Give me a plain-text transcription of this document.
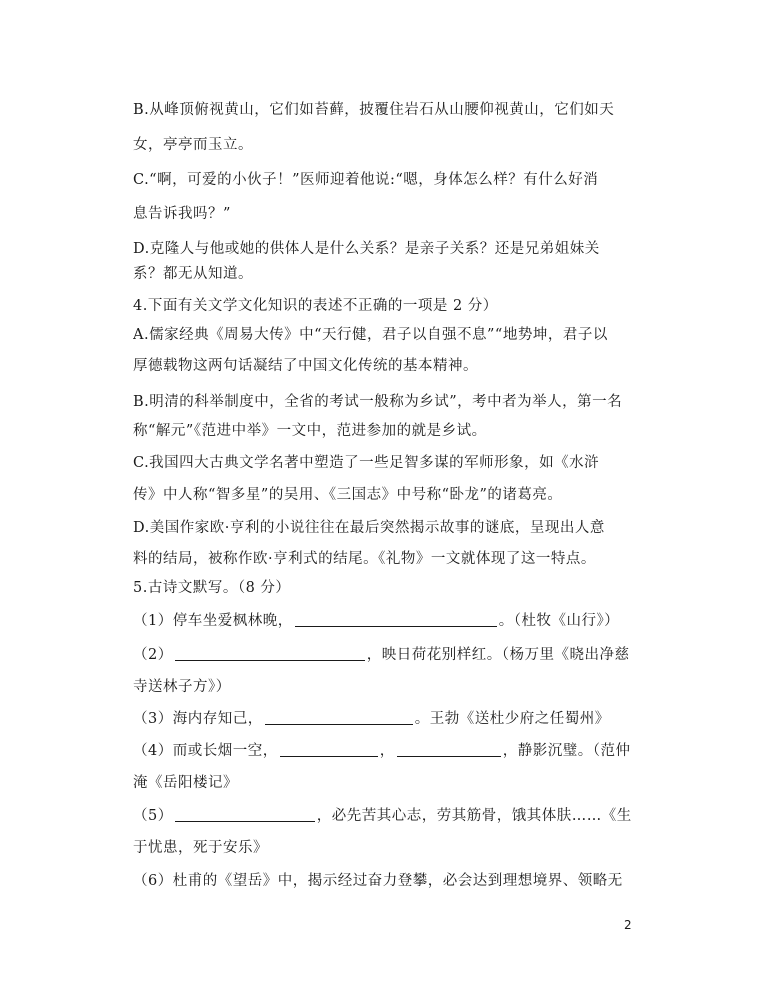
B.从峰顶俯视黄山，它们如苔藓，披覆住岩石从山腰仰视黄山，它们如天
女，亭亭而玉立。
C.“啊，可爱的小伙子！”医师迎着他说:“嗯，身体怎么样？有什么好消
息告诉我吗？”
D.克隆人与他或她的供体人是什么关系？是亲子关系？还是兄弟姐妹关
系？都无从知道。
4.下面有关文学文化知识的表述不正确的一项是 2 分）
A.儒家经典《周易大传》中“天行健，君子以自强不息”“地势坤，君子以
厚德载物这两句话凝结了中国文化传统的基本精神。
B.明清的科举制度中，全省的考试一般称为乡试”，考中者为举人，第一名
称“解元”《范进中举》一文中，范进参加的就是乡试。
C.我国四大古典文学名著中塑造了一些足智多谋的军师形象，如《水浒
传》中人称“智多星”的吴用、《三国志》中号称“卧龙”的诸葛亮。
D.美国作家欧·亨利的小说往往在最后突然揭示故事的谜底，呈现出人意
料的结局，被称作欧·亨利式的结尾。《礼物》一文就体现了这一特点。
5.古诗文默写。（8 分）
（1）停车坐爱枫林晚，	。（杜牧《山行》）
（2）	，映日荷花别样红。（杨万里《晓出净慈
寺送林子方》）
（3）海内存知己，	。王勃《送杜少府之任蜀州》
（4）而或长烟一空，	，	，静影沉璧。（范仲
淹《岳阳楼记》
（5）	，必先苦其心志，劳其筋骨，饿其体肤……《生
于忧患，死于安乐》
（6）杜甫的《望岳》中，揭示经过奋力登攀，必会达到理想境界、领略无
2
